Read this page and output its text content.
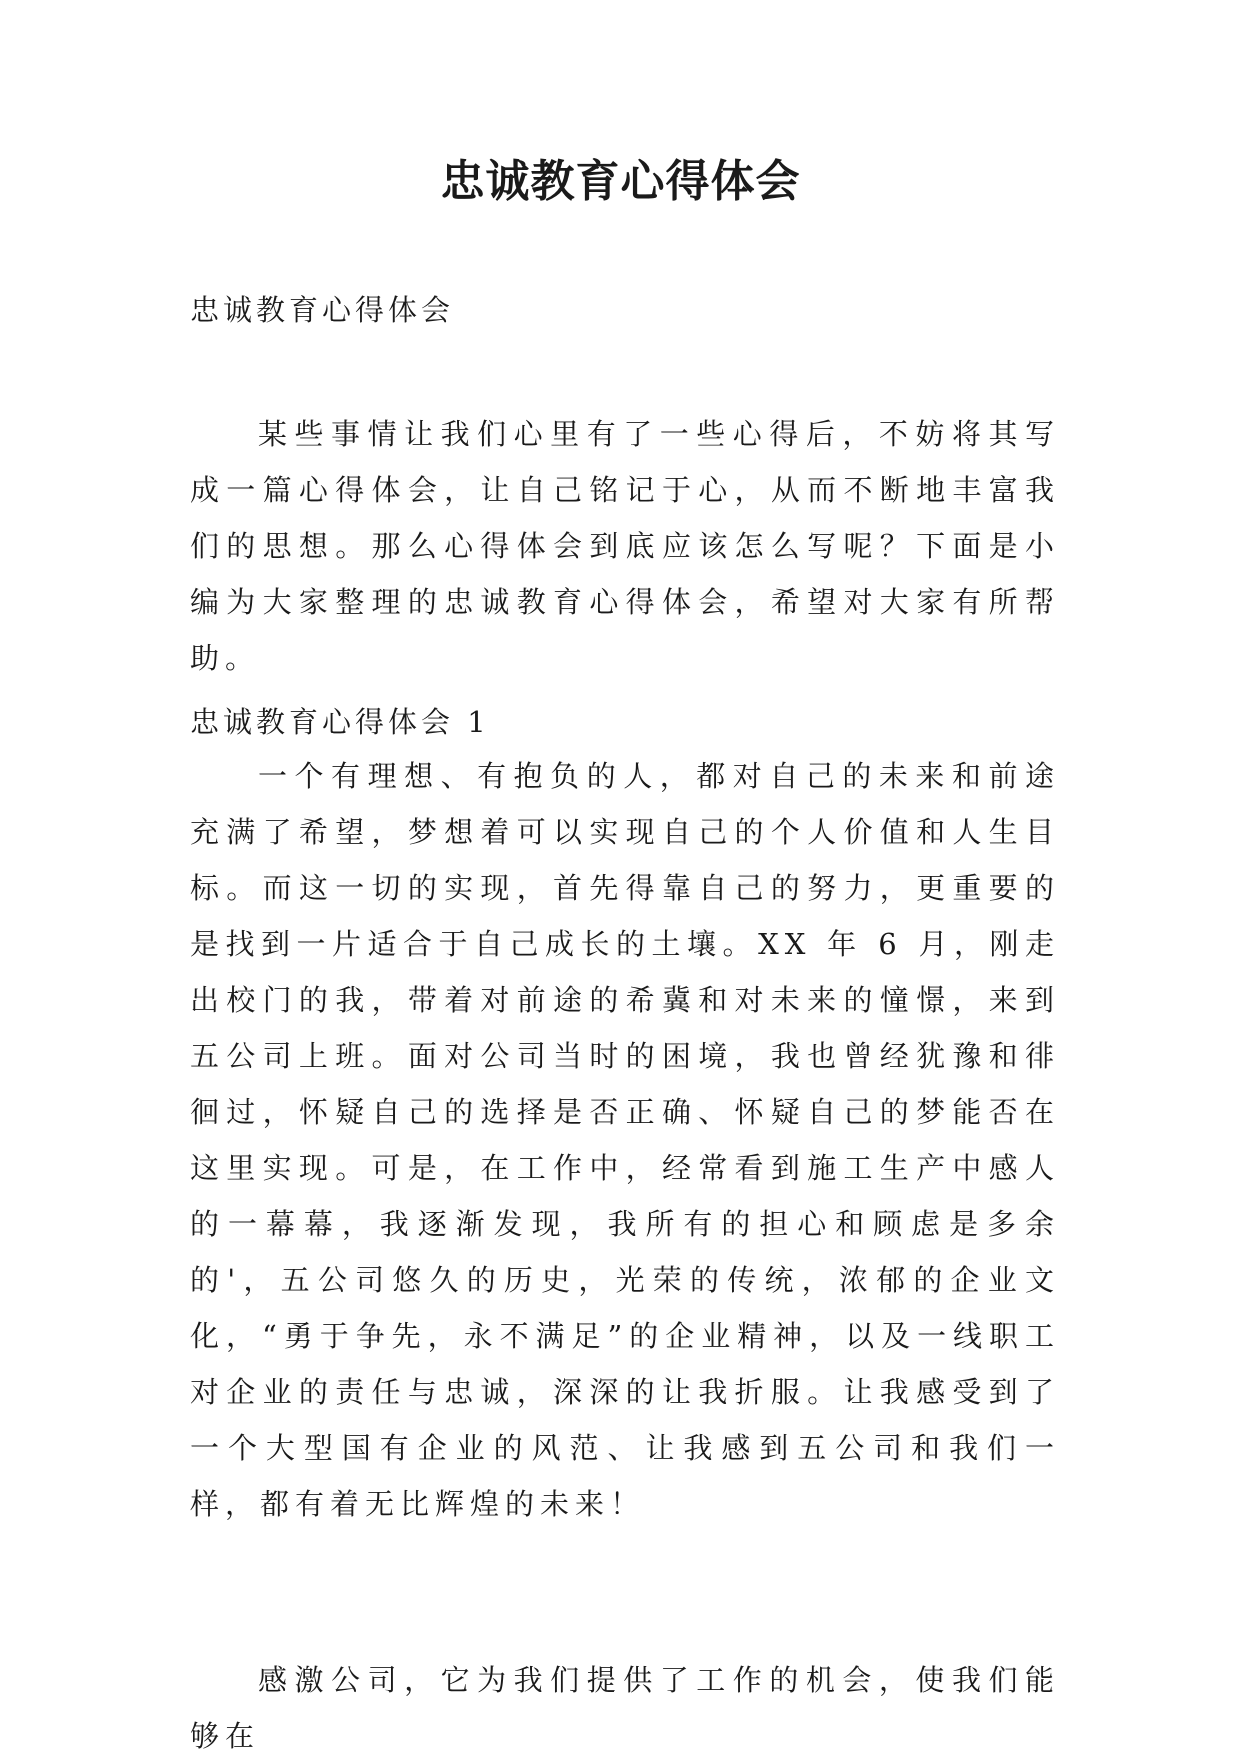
忠诚教育心得体会
忠诚教育心得体会

某些事情让我们心里有了一些心得后，不妨将其写成一篇心得体会，让自己铭记于心，从而不断地丰富我们的思想。那么心得体会到底应该怎么写呢？下面是小编为大家整理的忠诚教育心得体会，希望对大家有所帮助。

忠诚教育心得体会 1

一个有理想、有抱负的人，都对自己的未来和前途充满了希望，梦想着可以实现自己的个人价值和人生目标。而这一切的实现，首先得靠自己的努力，更重要的是找到一片适合于自己成长的土壤。XX 年 6 月，刚走出校门的我，带着对前途的希冀和对未来的憧憬，来到五公司上班。面对公司当时的困境，我也曾经犹豫和徘徊过，怀疑自己的选择是否正确、怀疑自己的梦能否在这里实现。可是，在工作中，经常看到施工生产中感人的一幕幕，我逐渐发现，我所有的担心和顾虑是多余的'，五公司悠久的历史，光荣的传统，浓郁的企业文化，“勇于争先，永不满足”的企业精神，以及一线职工对企业的责任与忠诚，深深的让我折服。让我感受到了一个大型国有企业的风范、让我感到五公司和我们一样，都有着无比辉煌的未来！

感激公司，它为我们提供了工作的机会，使我们能够在
